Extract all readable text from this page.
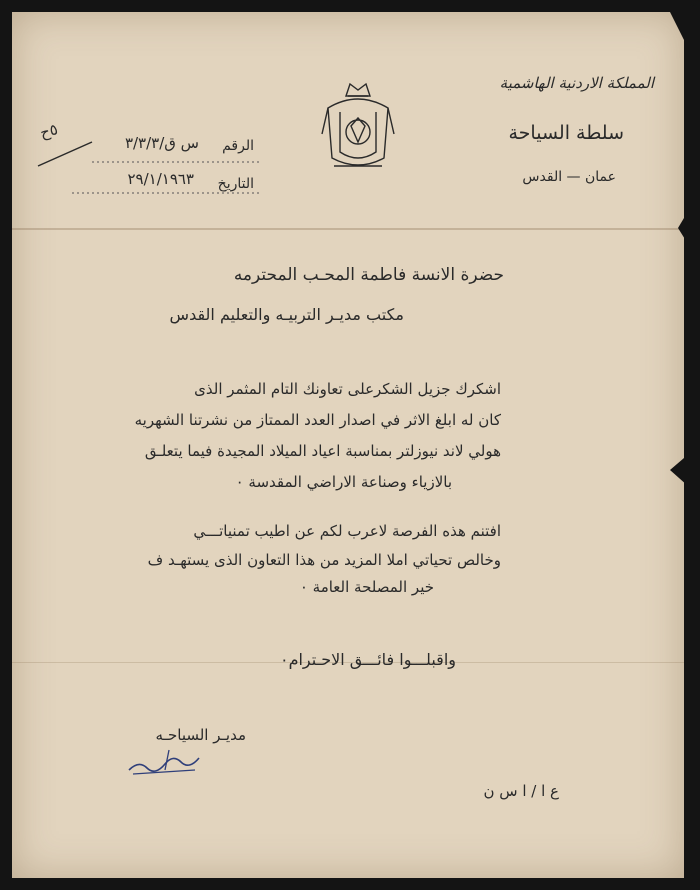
المملكة الاردنية الهاشمية
سلطة السياحة
عمان — القدس
الرقم
س ق/٣/٣/٣
٥ح
التاريخ
٢٩/١/١٩٦٣
حضرة الانسة فاطمة المحـب المحترمه
مكتب مديـر التربيـه والتعليم القدس
اشكرك جزيل الشكرعلى تعاونك التام المثمر الذى
كان له ابلغ الاثر في اصدار العدد الممتاز من نشرتنا الشهريه
هولي لاند نيوزلتر بمناسبة اعياد الميلاد المجيدة فيما يتعلـق
بالازياء وصناعة الاراضي المقدسة ٠
افتنم هذه الفرصة لاعرب لكم عن اطيب تمنياتـــي
وخالص تحياتي املا المزيد من هذا التعاون الذى يستهـد ف
خير المصلحة العامة ٠
واقبلـــوا فائـــق الاحـترام٠
مديـر السياحـه
ع ا / ا س ن
